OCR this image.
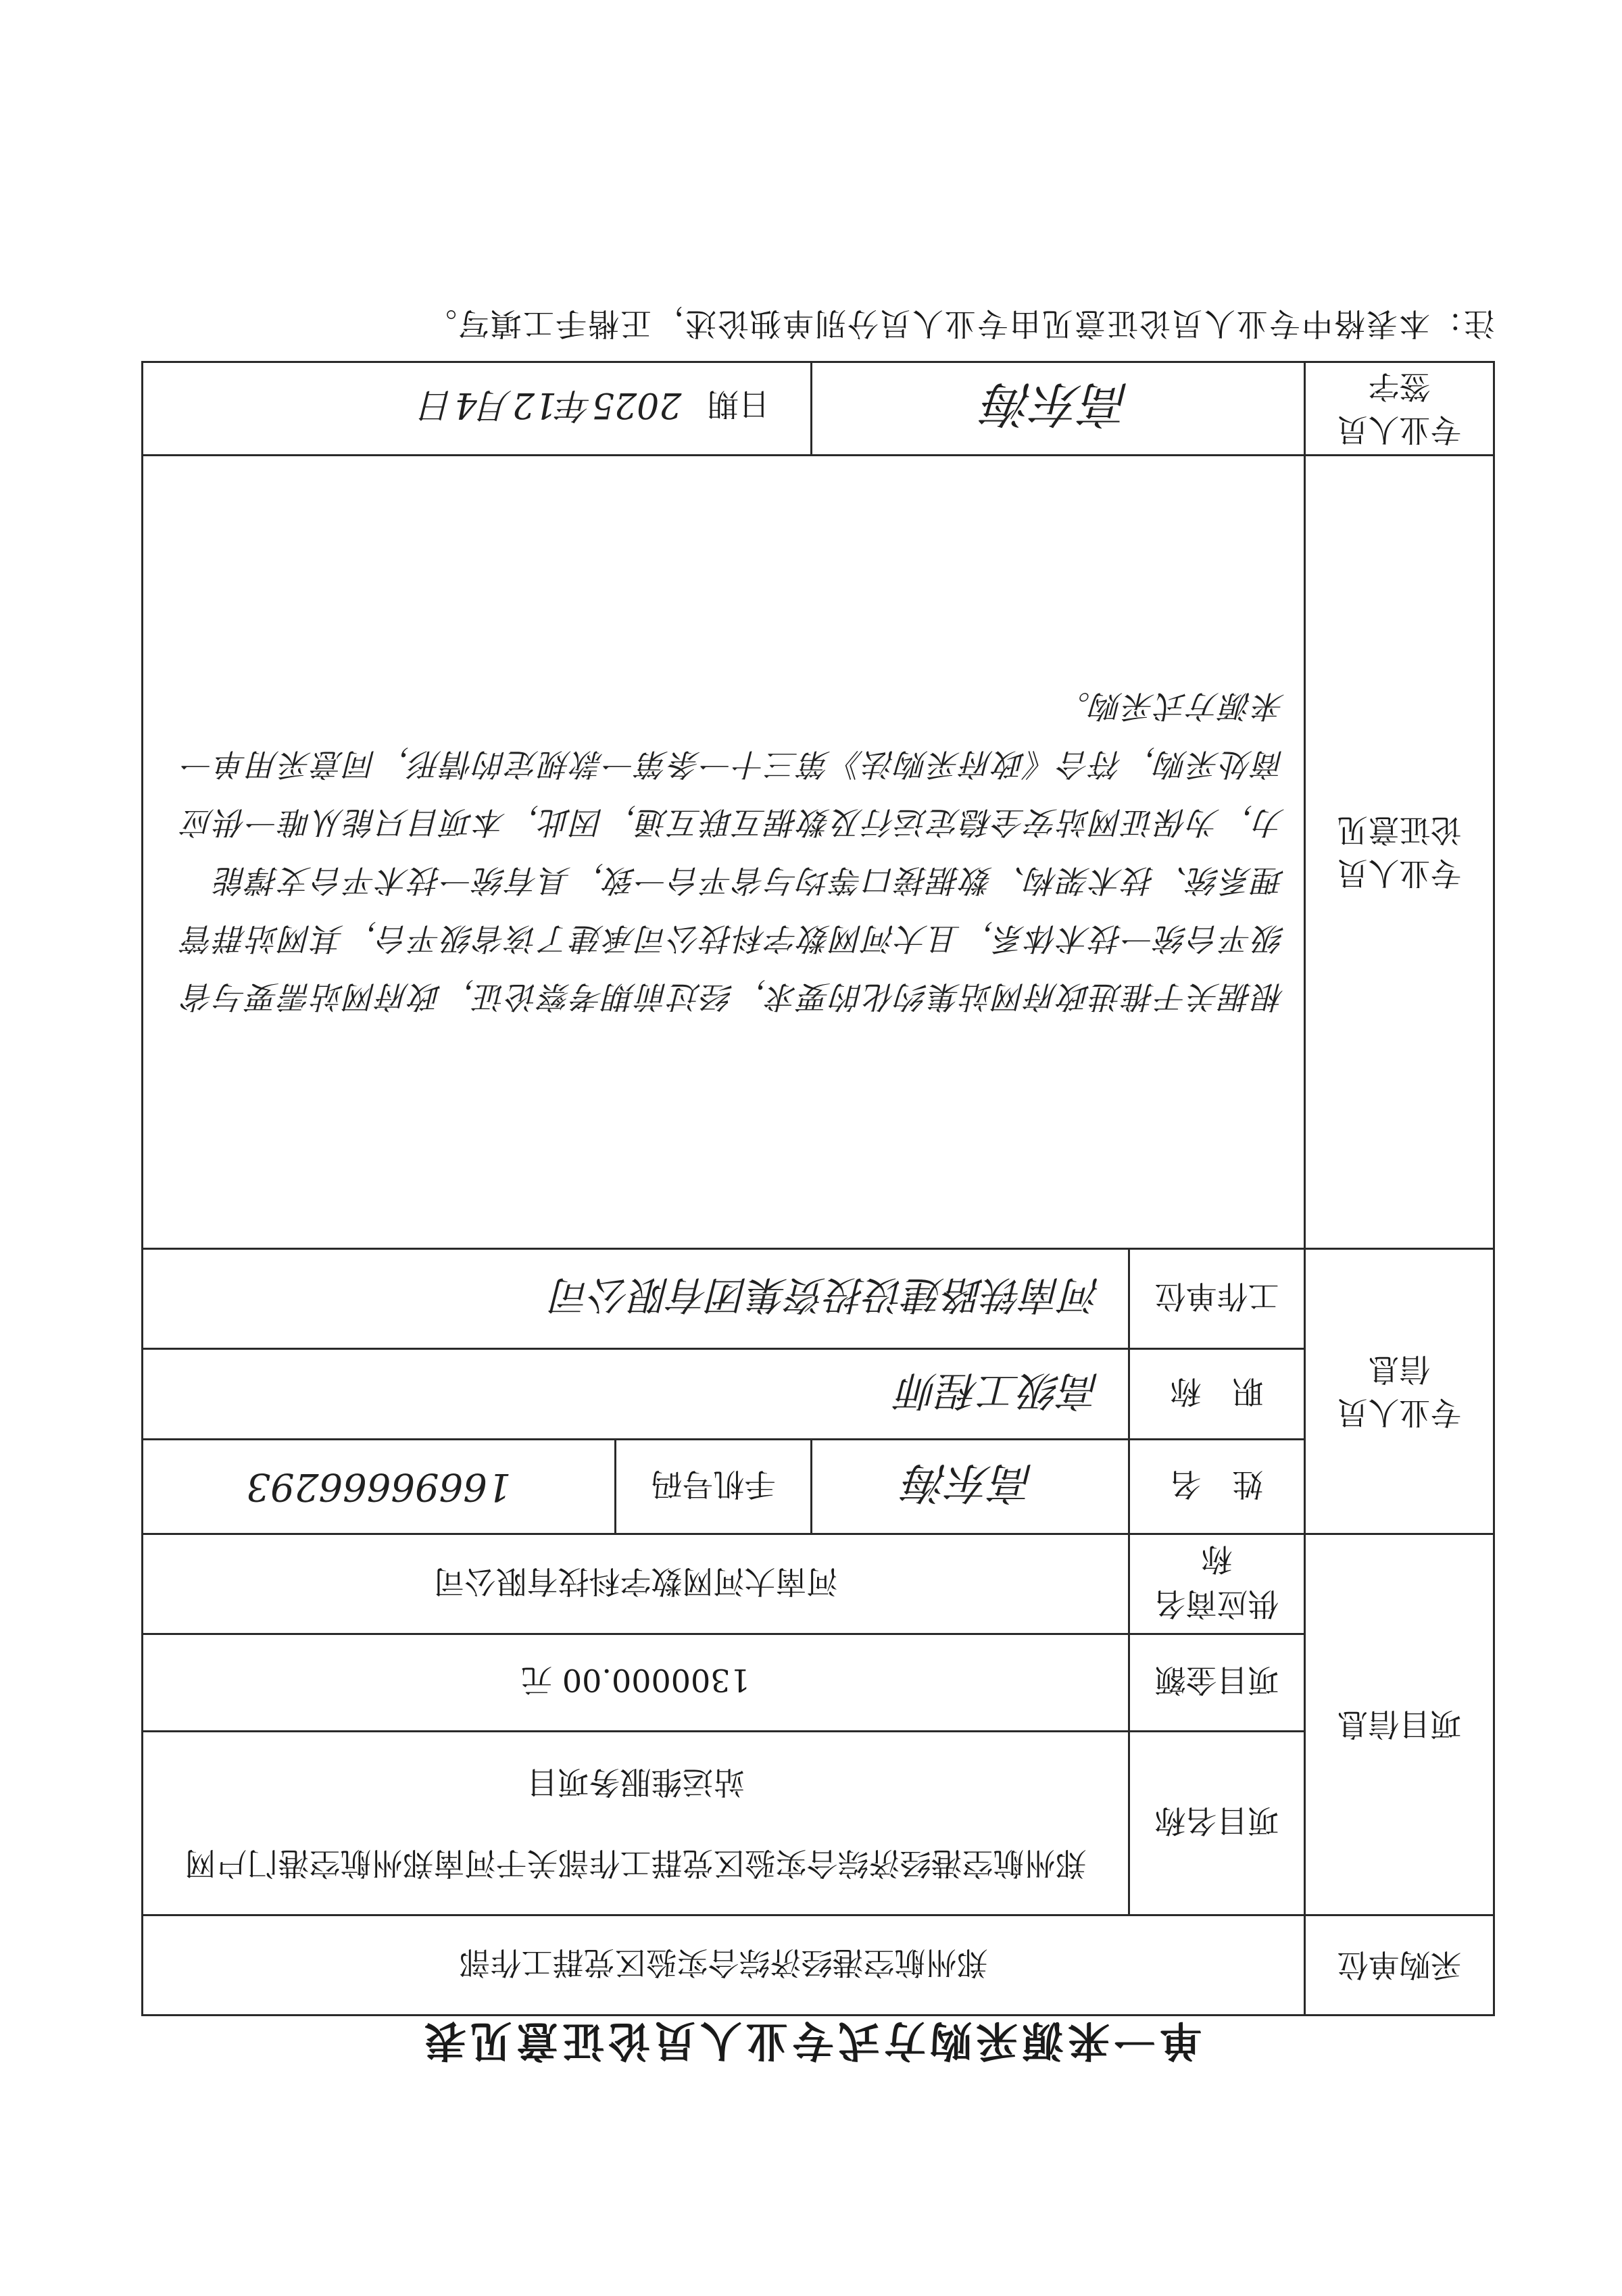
单一来源采购方式专业人员论证意见表
采购单位	郑州航空港经济综合实验区党群工作部			
项目信息	项目名称	郑州航空港经济综合实验区党群工作部关于河南郑州航空港门户网站运维服务项目		
	项目金额	1300000.00 元		
	供应商名称	河南大河网数字科技有限公司		
专业人员信息	姓　名	高东海	手机号码	16696666293
	职　称	高级工程师		
	工作单位	河南铁路建设投资集团有限公司		
专业人员论证意见	根据关于推进政府网站集约化的要求，经过前期考察论证，政府网站需要与省级平台统一技术体系，且大河网数字科技公司承建了该省级平台，其网站群管理系统、技术架构、数据接口等均与省平台一致，具有统一技术平台支撑能力，为保证网站安全稳定运行及数据互联互通，因此，本项目只能从唯一供应商处采购，符合《政府采购法》第三十一条第一款规定的情形，同意采用单一来源方式采购。			
专业人员签字	高东海		日期 2025年12月4日	
注：本表格中专业人员论证意见由专业人员分别单独论述，正楷手工填写。
